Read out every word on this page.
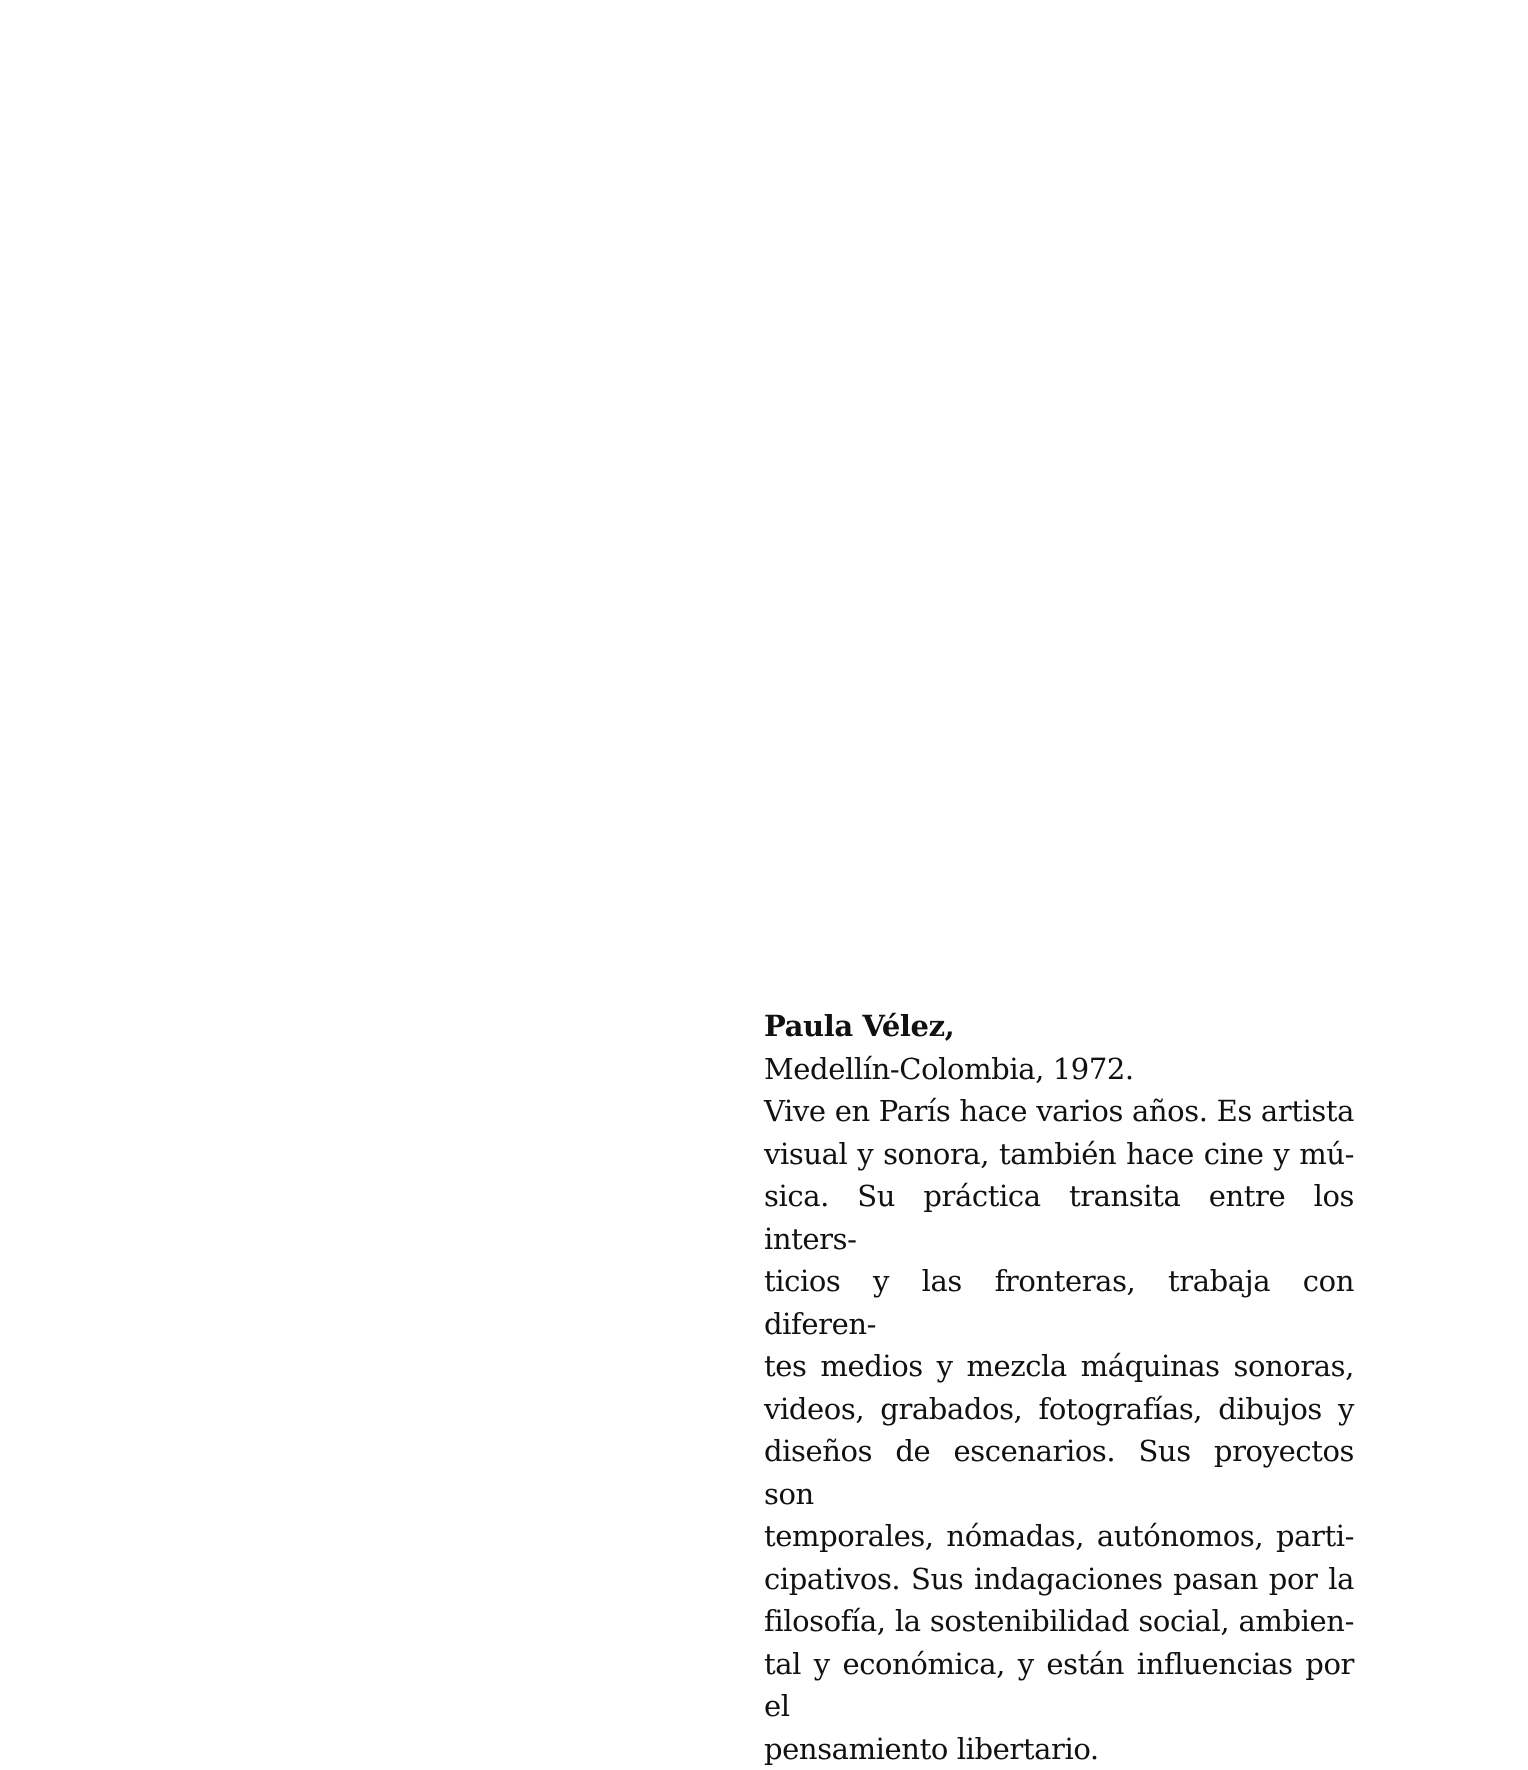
Paula Vélez,
Medellín-Colombia, 1972.
Vive en París hace varios años. Es artista
visual y sonora, también hace cine y mú-
sica. Su práctica transita entre los inters-
ticios y las fronteras, trabaja con diferen-
tes medios y mezcla máquinas sonoras,
videos, grabados, fotografías, dibujos y
diseños de escenarios. Sus proyectos son
temporales, nómadas, autónomos, parti-
cipativos. Sus indagaciones pasan por la
filosofía, la sostenibilidad social, ambien-
tal y económica, y están influencias por el
pensamiento libertario.
